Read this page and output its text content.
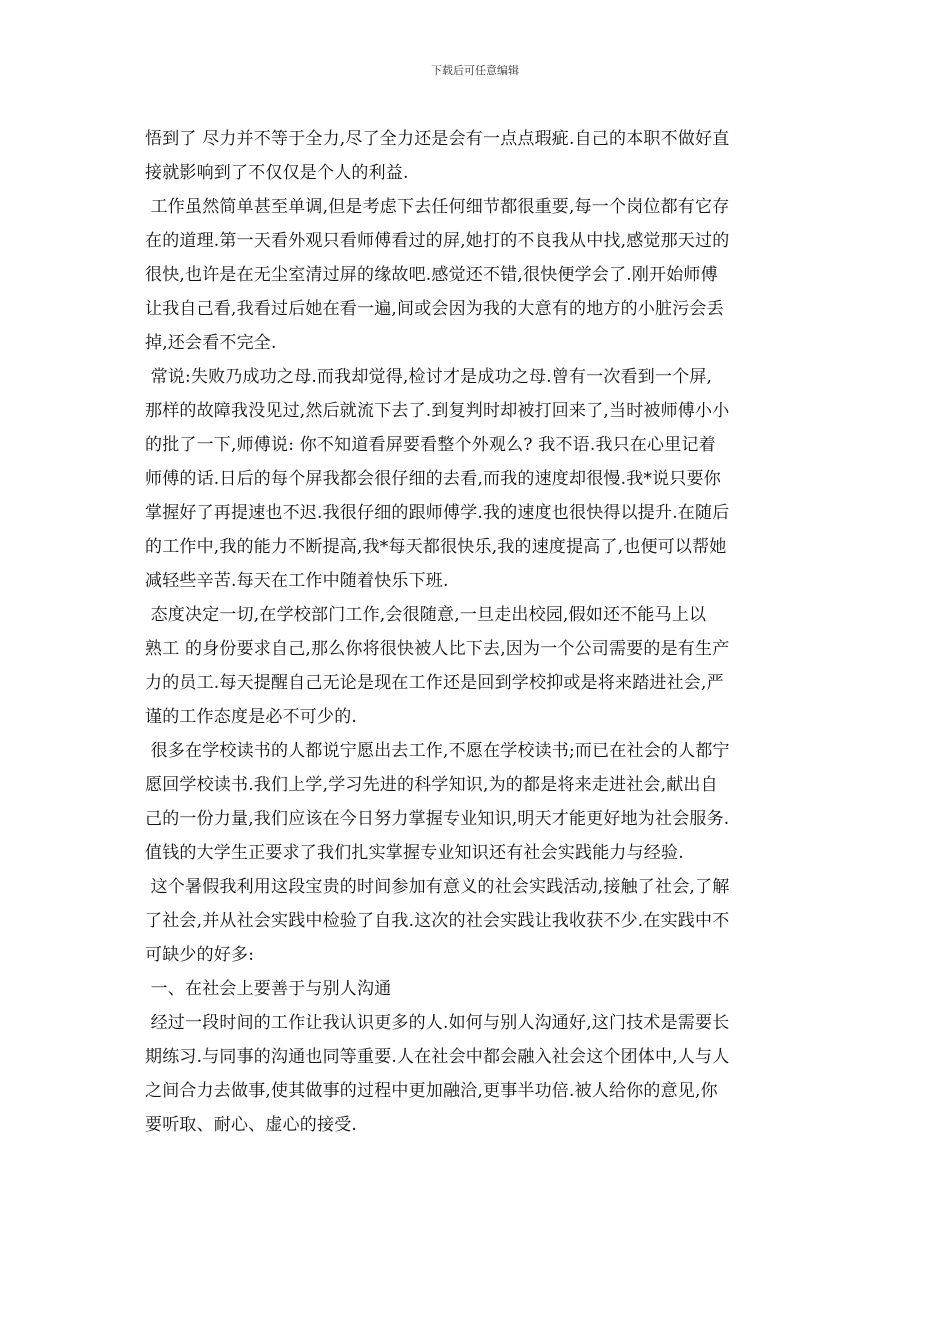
下载后可任意编辑
悟到了 尽力并不等于全力,尽了全力还是会有一点点瑕疵.自己的本职不做好直
接就影响到了不仅仅是个人的利益.
工作虽然简单甚至单调,但是考虑下去任何细节都很重要,每一个岗位都有它存
在的道理.第一天看外观只看师傅看过的屏,她打的不良我从中找,感觉那天过的
很快,也许是在无尘室清过屏的缘故吧.感觉还不错,很快便学会了.刚开始师傅
让我自己看,我看过后她在看一遍,间或会因为我的大意有的地方的小脏污会丢
掉,还会看不完全.
常说:失败乃成功之母.而我却觉得,检讨才是成功之母.曾有一次看到一个屏,
那样的故障我没见过,然后就流下去了.到复判时却被打回来了,当时被师傅小小
的批了一下,师傅说: 你不知道看屏要看整个外观么? 我不语.我只在心里记着
师傅的话.日后的每个屏我都会很仔细的去看,而我的速度却很慢.我*说只要你
掌握好了再提速也不迟.我很仔细的跟师傅学.我的速度也很快得以提升.在随后
的工作中,我的能力不断提高,我*每天都很快乐,我的速度提高了,也便可以帮她
减轻些辛苦.每天在工作中随着快乐下班.
态度决定一切,在学校部门工作,会很随意,一旦走出校园,假如还不能马上以
熟工 的身份要求自己,那么你将很快被人比下去,因为一个公司需要的是有生产
力的员工.每天提醒自己无论是现在工作还是回到学校抑或是将来踏进社会,严
谨的工作态度是必不可少的.
很多在学校读书的人都说宁愿出去工作,不愿在学校读书;而已在社会的人都宁
愿回学校读书.我们上学,学习先进的科学知识,为的都是将来走进社会,献出自
己的一份力量,我们应该在今日努力掌握专业知识,明天才能更好地为社会服务.
值钱的大学生正要求了我们扎实掌握专业知识还有社会实践能力与经验.
这个暑假我利用这段宝贵的时间参加有意义的社会实践活动,接触了社会,了解
了社会,并从社会实践中检验了自我.这次的社会实践让我收获不少.在实践中不
可缺少的好多:
一、在社会上要善于与别人沟通
经过一段时间的工作让我认识更多的人.如何与别人沟通好,这门技术是需要长
期练习.与同事的沟通也同等重要.人在社会中都会融入社会这个团体中,人与人
之间合力去做事,使其做事的过程中更加融洽,更事半功倍.被人给你的意见,你
要听取、耐心、虚心的接受.
